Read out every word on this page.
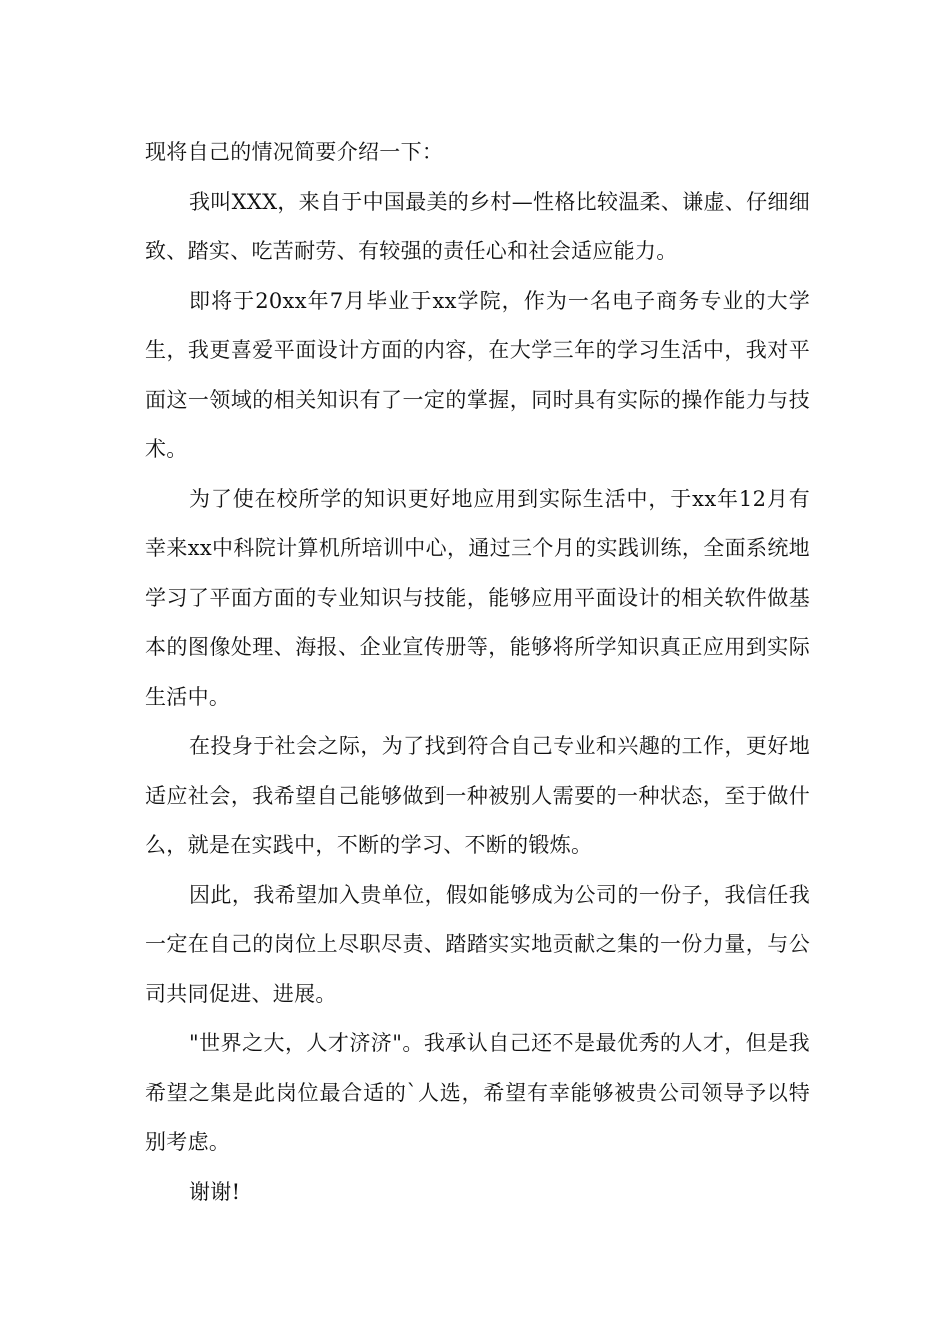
现将自己的情况简要介绍一下：

我叫XXX，来自于中国最美的乡村—性格比较温柔、谦虚、仔细细致、踏实、吃苦耐劳、有较强的责任心和社会适应能力。

即将于20xx年7月毕业于xx学院，作为一名电子商务专业的大学生，我更喜爱平面设计方面的内容，在大学三年的学习生活中，我对平面这一领域的相关知识有了一定的掌握，同时具有实际的操作能力与技术。

为了使在校所学的知识更好地应用到实际生活中，于xx年12月有幸来xx中科院计算机所培训中心，通过三个月的实践训练，全面系统地学习了平面方面的专业知识与技能，能够应用平面设计的相关软件做基本的图像处理、海报、企业宣传册等，能够将所学知识真正应用到实际生活中。

在投身于社会之际，为了找到符合自己专业和兴趣的工作，更好地适应社会，我希望自己能够做到一种被别人需要的一种状态，至于做什么，就是在实践中，不断的学习、不断的锻炼。

因此，我希望加入贵单位，假如能够成为公司的一份子，我信任我一定在自己的岗位上尽职尽责、踏踏实实地贡献之集的一份力量，与公司共同促进、进展。

"世界之大，人才济济"。我承认自己还不是最优秀的人才，但是我希望之集是此岗位最合适的`人选，希望有幸能够被贵公司领导予以特别考虑。

谢谢!
